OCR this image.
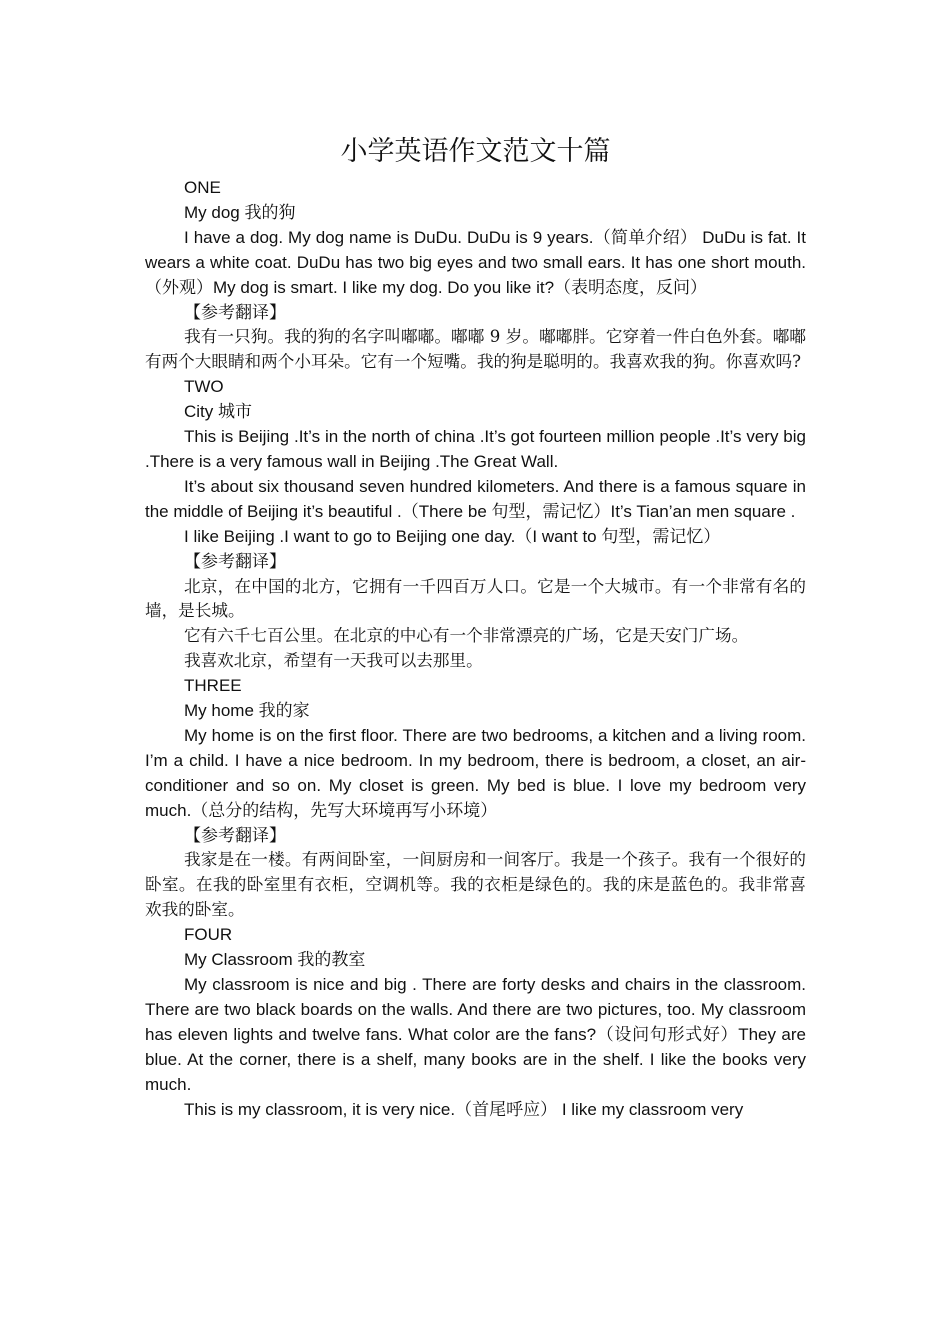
小学英语作文范文十篇

ONE

My dog 我的狗

I have a dog. My dog name is DuDu. DuDu is 9 years.（简单介绍） DuDu is fat. It wears a white coat. DuDu has two big eyes and two small ears. It has one short mouth.（外观）My dog is smart. I like my dog. Do you like it?（表明态度，反问）

【参考翻译】

我有一只狗。我的狗的名字叫嘟嘟。嘟嘟 9 岁。嘟嘟胖。它穿着一件白色外套。嘟嘟有两个大眼睛和两个小耳朵。它有一个短嘴。我的狗是聪明的。我喜欢我的狗。你喜欢吗?

TWO

City 城市

This is Beijing .It’s in the north of china .It’s got fourteen million people .It’s very big .There is a very famous wall in Beijing .The Great Wall.

It’s about six thousand seven hundred kilometers. And there is a famous square in the middle of Beijing it’s beautiful .（There be 句型，需记忆）It’s Tian’an men square .

I like Beijing .I want to go to Beijing one day.（I want to 句型，需记忆）

【参考翻译】

北京，在中国的北方，它拥有一千四百万人口。它是一个大城市。有一个非常有名的墙，是长城。

它有六千七百公里。在北京的中心有一个非常漂亮的广场，它是天安门广场。

我喜欢北京，希望有一天我可以去那里。

THREE

My home 我的家

My home is on the first floor. There are two bedrooms, a kitchen and a living room. I’m a child. I have a nice bedroom. In my bedroom, there is bedroom, a closet, an air- conditioner and so on. My closet is green. My bed is blue. I love my bedroom very much.（总分的结构，先写大环境再写小环境）

【参考翻译】

我家是在一楼。有两间卧室，一间厨房和一间客厅。我是一个孩子。我有一个很好的卧室。在我的卧室里有衣柜，空调机等。我的衣柜是绿色的。我的床是蓝色的。我非常喜欢我的卧室。

FOUR

My Classroom 我的教室

My classroom is nice and big . There are forty desks and chairs in the classroom. There are two black boards on the walls. And there are two pictures, too. My classroom has eleven lights and twelve fans. What color are the fans?（设问句形式好）They are blue. At the corner, there is a shelf, many books are in the shelf. I like the books very much.

This is my classroom, it is very nice.（首尾呼应） I like my classroom very
